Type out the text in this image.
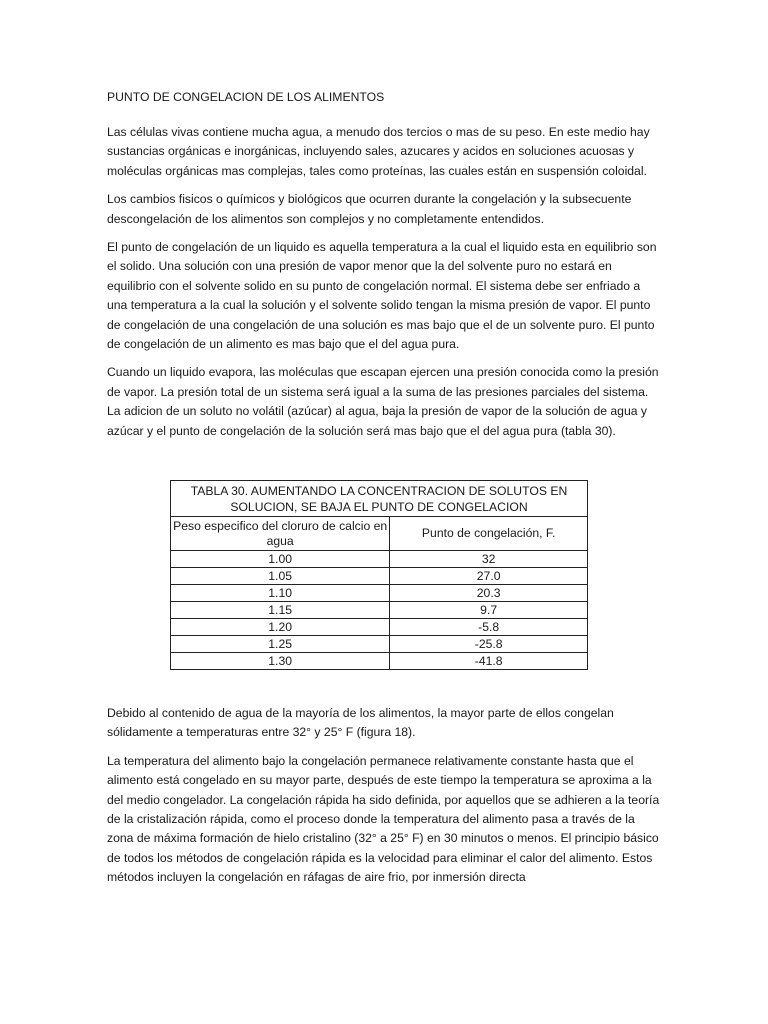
PUNTO DE CONGELACION DE LOS ALIMENTOS

Las células vivas contiene mucha agua, a menudo dos tercios o mas de su peso. En este medio hay sustancias orgánicas e inorgánicas, incluyendo sales, azucares y acidos en soluciones acuosas y moléculas orgánicas mas complejas, tales como proteínas, las cuales están en suspensión coloidal.

Los cambios fisicos o químicos y biológicos que ocurren durante la congelación y la subsecuente descongelación de los alimentos son complejos y no completamente entendidos.

El punto de congelación de un liquido es aquella temperatura a la cual el liquido esta en equilibrio son el solido. Una solución con una presión de vapor menor que la del solvente puro no estará en equilibrio con el solvente solido en su punto de congelación normal. El sistema debe ser enfriado a una temperatura a la cual la solución y el solvente solido tengan la misma presión de vapor. El punto de congelación de una congelación de una solución es mas bajo que el de un solvente puro. El punto de congelación de un alimento es mas bajo que el del agua pura.

Cuando un liquido evapora, las moléculas que escapan ejercen una presión conocida como la presión de vapor. La presión total de un sistema será igual a la suma de las presiones parciales del sistema. La adicion de un soluto no volátil (azúcar) al agua, baja la presión de vapor de la solución de agua y azúcar y el punto de congelación de la solución será mas bajo que el del agua pura (tabla 30).

TABLA 30. AUMENTANDO LA CONCENTRACION DE SOLUTOS EN SOLUCION, SE BAJA EL PUNTO DE CONGELACION	
Peso especifico del cloruro de calcio en agua	Punto de congelación, F.
1.00	32
1.05	27.0
1.10	20.3
1.15	9.7
1.20	-5.8
1.25	-25.8
1.30	-41.8

Debido al contenido de agua de la mayoría de los alimentos, la mayor parte de ellos congelan sólidamente a temperaturas entre 32° y 25° F (figura 18).

La temperatura del alimento bajo la congelación permanece relativamente constante hasta que el alimento está congelado en su mayor parte, después de este tiempo la temperatura se aproxima a la del medio congelador. La congelación rápida ha sido definida, por aquellos que se adhieren a la teoría de la cristalización rápida, como el proceso donde la temperatura del alimento pasa a través de la zona de máxima formación de hielo cristalino (32° a 25° F) en 30 minutos o menos. El principio básico de todos los métodos de congelación rápida es la velocidad para eliminar el calor del alimento. Estos métodos incluyen la congelación en ráfagas de aire frio, por inmersión directa
